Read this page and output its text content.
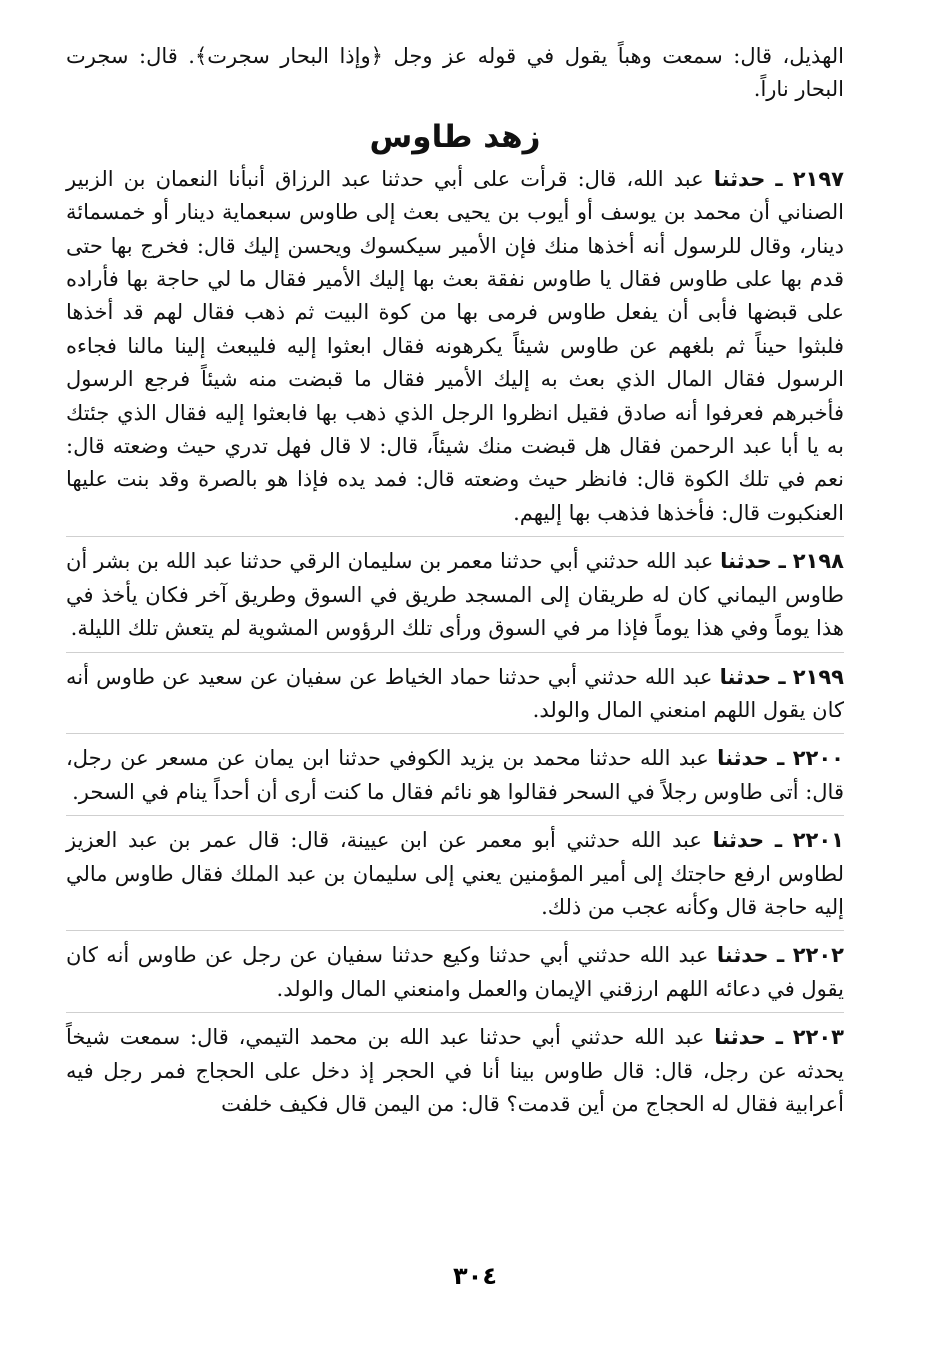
الهذيل، قال: سمعت وهباً يقول في قوله عز وجل ﴿وإذا البحار سجرت﴾. قال: سجرت البحار ناراً.

زهد طاوس

٢١٩٧ ـ حدثنا عبد الله، قال: قرأت على أبي حدثنا عبد الرزاق أنبأنا النعمان بن الزبير الصناني أن محمد بن يوسف أو أيوب بن يحيى بعث إلى طاوس سبعماية دينار أو خمسمائة دينار، وقال للرسول أنه أخذها منك فإن الأمير سيكسوك ويحسن إليك قال: فخرج بها حتى قدم بها على طاوس فقال يا طاوس نفقة بعث بها إليك الأمير فقال ما لي حاجة بها فأراده على قبضها فأبى أن يفعل طاوس فرمى بها من كوة البيت ثم ذهب فقال لهم قد أخذها فلبثوا حيناً ثم بلغهم عن طاوس شيئاً يكرهونه فقال ابعثوا إليه فليبعث إلينا مالنا فجاءه الرسول فقال المال الذي بعث به إليك الأمير فقال ما قبضت منه شيئاً فرجع الرسول فأخبرهم فعرفوا أنه صادق فقيل انظروا الرجل الذي ذهب بها فابعثوا إليه فقال الذي جئتك به يا أبا عبد الرحمن فقال هل قبضت منك شيئاً، قال: لا قال فهل تدري حيث وضعته قال: نعم في تلك الكوة قال: فانظر حيث وضعته قال: فمد يده فإذا هو بالصرة وقد بنت عليها العنكبوت قال: فأخذها فذهب بها إليهم.

٢١٩٨ ـ حدثنا عبد الله حدثني أبي حدثنا معمر بن سليمان الرقي حدثنا عبد الله بن بشر أن طاوس اليماني كان له طريقان إلى المسجد طريق في السوق وطريق آخر فكان يأخذ في هذا يوماً وفي هذا يوماً فإذا مر في السوق ورأى تلك الرؤوس المشوية لم يتعش تلك الليلة.

٢١٩٩ ـ حدثنا عبد الله حدثني أبي حدثنا حماد الخياط عن سفيان عن سعيد عن طاوس أنه كان يقول اللهم امنعني المال والولد.

٢٢٠٠ ـ حدثنا عبد الله حدثنا محمد بن يزيد الكوفي حدثنا ابن يمان عن مسعر عن رجل، قال: أتى طاوس رجلاً في السحر فقالوا هو نائم فقال ما كنت أرى أن أحداً ينام في السحر.

٢٢٠١ ـ حدثنا عبد الله حدثني أبو معمر عن ابن عيينة، قال: قال عمر بن عبد العزيز لطاوس ارفع حاجتك إلى أمير المؤمنين يعني إلى سليمان بن عبد الملك فقال طاوس مالي إليه حاجة قال وكأنه عجب من ذلك.

٢٢٠٢ ـ حدثنا عبد الله حدثني أبي حدثنا وكيع حدثنا سفيان عن رجل عن طاوس أنه كان يقول في دعائه اللهم ارزقني الإيمان والعمل وامنعني المال والولد.

٢٢٠٣ ـ حدثنا عبد الله حدثني أبي حدثنا عبد الله بن محمد التيمي، قال: سمعت شيخاً يحدثه عن رجل، قال: قال طاوس بينا أنا في الحجر إذ دخل على الحجاج فمر رجل فيه أعرابية فقال له الحجاج من أين قدمت؟ قال: من اليمن قال فكيف خلفت

٣٠٤
